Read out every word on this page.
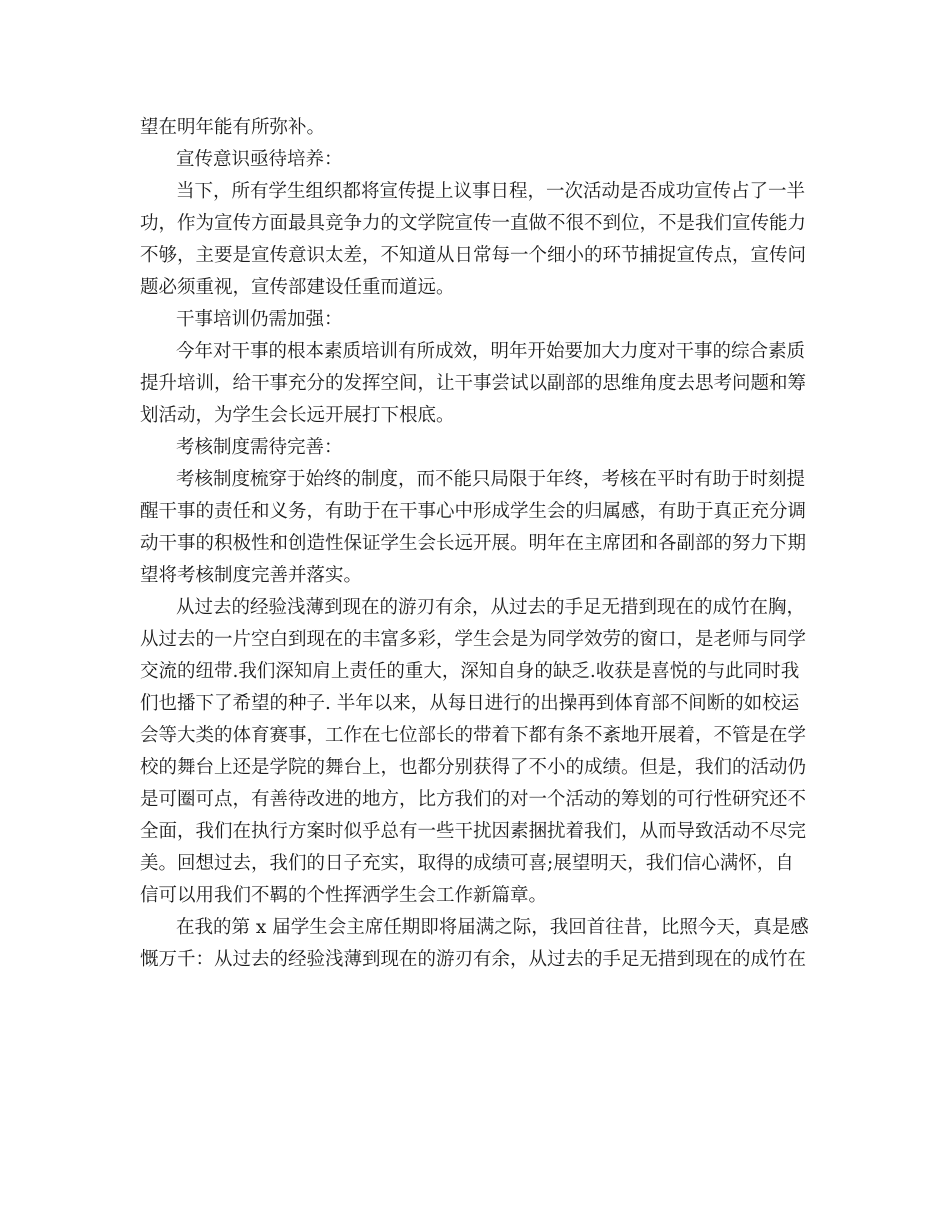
望在明年能有所弥补。
宣传意识亟待培养：
当下，所有学生组织都将宣传提上议事日程，一次活动是否成功宣传占了一半
功，作为宣传方面最具竞争力的文学院宣传一直做不很不到位，不是我们宣传能力
不够，主要是宣传意识太差，不知道从日常每一个细小的环节捕捉宣传点，宣传问
题必须重视，宣传部建设任重而道远。
干事培训仍需加强：
今年对干事的根本素质培训有所成效，明年开始要加大力度对干事的综合素质
提升培训，给干事充分的发挥空间，让干事尝试以副部的思维角度去思考问题和筹
划活动，为学生会长远开展打下根底。
考核制度需待完善：
考核制度梳穿于始终的制度，而不能只局限于年终，考核在平时有助于时刻提
醒干事的责任和义务，有助于在干事心中形成学生会的归属感，有助于真正充分调
动干事的积极性和创造性保证学生会长远开展。明年在主席团和各副部的努力下期
望将考核制度完善并落实。
从过去的经验浅薄到现在的游刃有余，从过去的手足无措到现在的成竹在胸，
从过去的一片空白到现在的丰富多彩，学生会是为同学效劳的窗口，是老师与同学
交流的纽带.我们深知肩上责任的重大，深知自身的缺乏.收获是喜悦的与此同时我
们也播下了希望的种子. 半年以来，从每日进行的出操再到体育部不间断的如校运
会等大类的体育赛事，工作在七位部长的带着下都有条不紊地开展着，不管是在学
校的舞台上还是学院的舞台上，也都分别获得了不小的成绩。但是，我们的活动仍
是可圈可点，有善待改进的地方，比方我们的对一个活动的筹划的可行性研究还不
全面，我们在执行方案时似乎总有一些干扰因素捆扰着我们，从而导致活动不尽完
美。回想过去，我们的日子充实，取得的成绩可喜;展望明天，我们信心满怀，自
信可以用我们不羁的个性挥洒学生会工作新篇章。
在我的第 x 届学生会主席任期即将届满之际，我回首往昔，比照今天，真是感
慨万千：从过去的经验浅薄到现在的游刃有余，从过去的手足无措到现在的成竹在
